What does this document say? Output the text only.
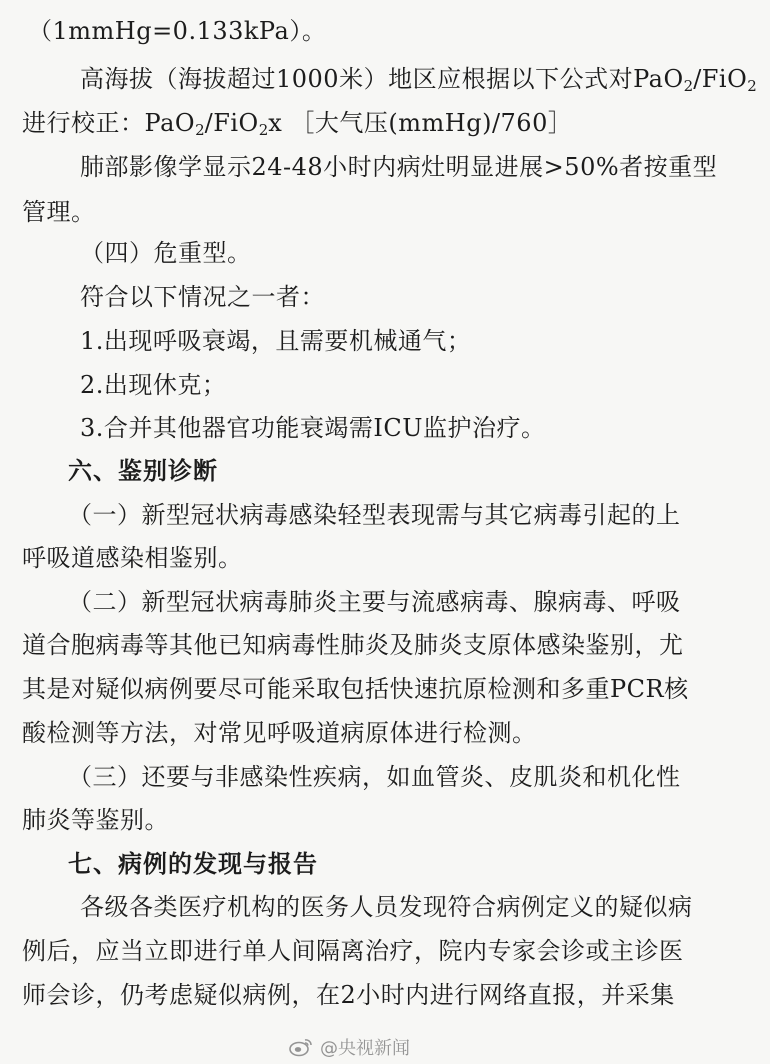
（1mmHg=0.133kPa）。
高海拔（海拔超过1000米）地区应根据以下公式对PaO$_2$/FiO$_2$
进行校正：PaO$_2$/FiO$_2$x ［大气压(mmHg)/760］
肺部影像学显示24-48小时内病灶明显进展>50%者按重型
管理。
（四）危重型。
符合以下情况之一者：
1.出现呼吸衰竭，且需要机械通气；
2.出现休克；
3.合并其他器官功能衰竭需ICU监护治疗。
六、鉴别诊断
（一）新型冠状病毒感染轻型表现需与其它病毒引起的上
呼吸道感染相鉴别。
（二）新型冠状病毒肺炎主要与流感病毒、腺病毒、呼吸
道合胞病毒等其他已知病毒性肺炎及肺炎支原体感染鉴别，尤
其是对疑似病例要尽可能采取包括快速抗原检测和多重PCR核
酸检测等方法，对常见呼吸道病原体进行检测。
（三）还要与非感染性疾病，如血管炎、皮肌炎和机化性
肺炎等鉴别。
七、病例的发现与报告
各级各类医疗机构的医务人员发现符合病例定义的疑似病
例后，应当立即进行单人间隔离治疗，院内专家会诊或主诊医
师会诊，仍考虑疑似病例，在2小时内进行网络直报，并采集
@央视新闻
